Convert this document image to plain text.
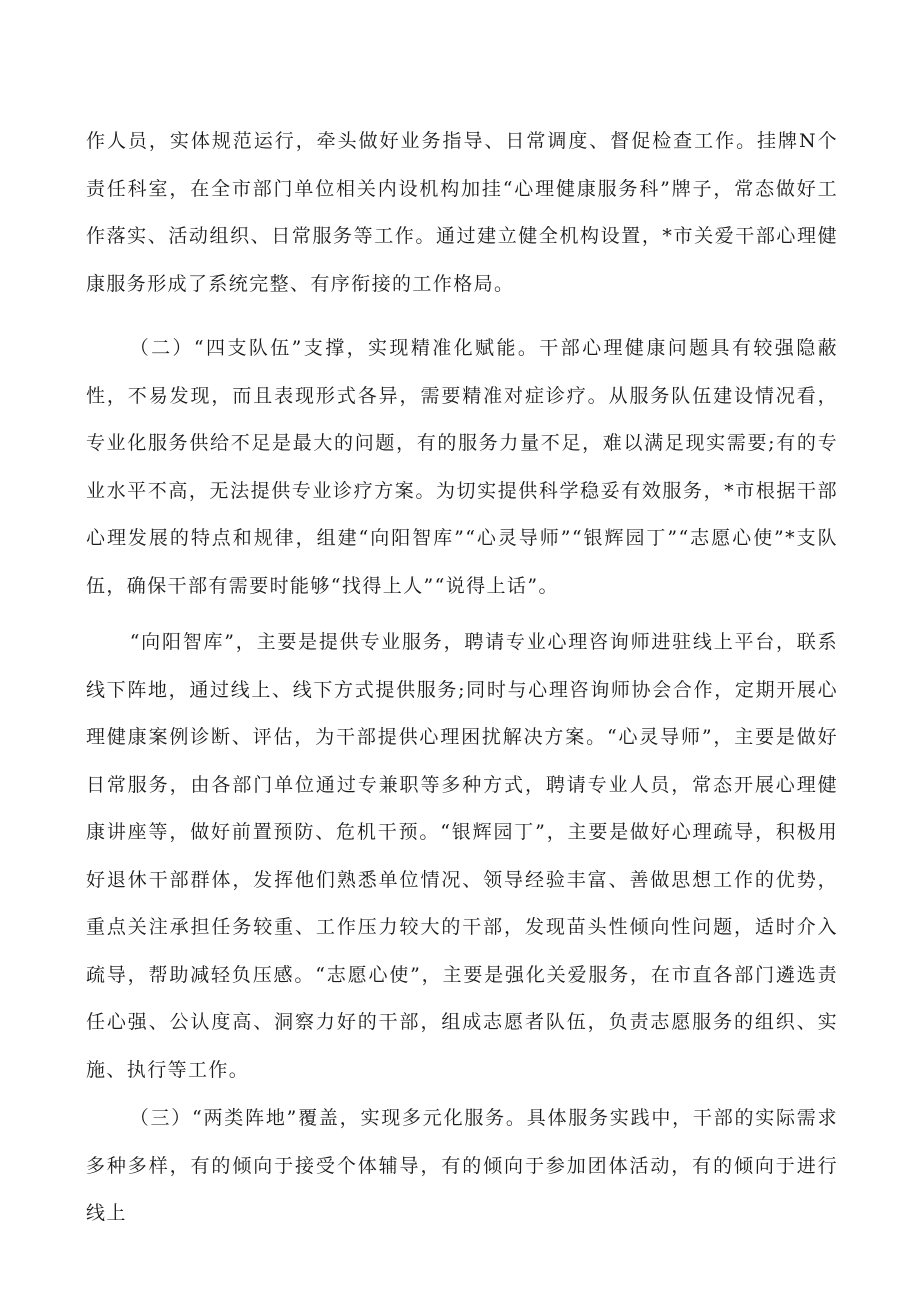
作人员，实体规范运行，牵头做好业务指导、日常调度、督促检查工作。挂牌N个责任科室，在全市部门单位相关内设机构加挂“心理健康服务科”牌子，常态做好工作落实、活动组织、日常服务等工作。通过建立健全机构设置，*市关爱干部心理健康服务形成了系统完整、有序衔接的工作格局。

（二）“四支队伍”支撑，实现精准化赋能。干部心理健康问题具有较强隐蔽性，不易发现，而且表现形式各异，需要精准对症诊疗。从服务队伍建设情况看，专业化服务供给不足是最大的问题，有的服务力量不足，难以满足现实需要;有的专业水平不高，无法提供专业诊疗方案。为切实提供科学稳妥有效服务，*市根据干部心理发展的特点和规律，组建“向阳智库”“心灵导师”“银辉园丁”“志愿心使”*支队伍，确保干部有需要时能够“找得上人”“说得上话”。

“向阳智库”，主要是提供专业服务，聘请专业心理咨询师进驻线上平台，联系线下阵地，通过线上、线下方式提供服务;同时与心理咨询师协会合作，定期开展心理健康案例诊断、评估，为干部提供心理困扰解决方案。“心灵导师”，主要是做好日常服务，由各部门单位通过专兼职等多种方式，聘请专业人员，常态开展心理健康讲座等，做好前置预防、危机干预。“银辉园丁”，主要是做好心理疏导，积极用好退休干部群体，发挥他们熟悉单位情况、领导经验丰富、善做思想工作的优势，重点关注承担任务较重、工作压力较大的干部，发现苗头性倾向性问题，适时介入疏导，帮助减轻负压感。“志愿心使”，主要是强化关爱服务，在市直各部门遴选责任心强、公认度高、洞察力好的干部，组成志愿者队伍，负责志愿服务的组织、实施、执行等工作。

（三）“两类阵地”覆盖，实现多元化服务。具体服务实践中，干部的实际需求多种多样，有的倾向于接受个体辅导，有的倾向于参加团体活动，有的倾向于进行线上
